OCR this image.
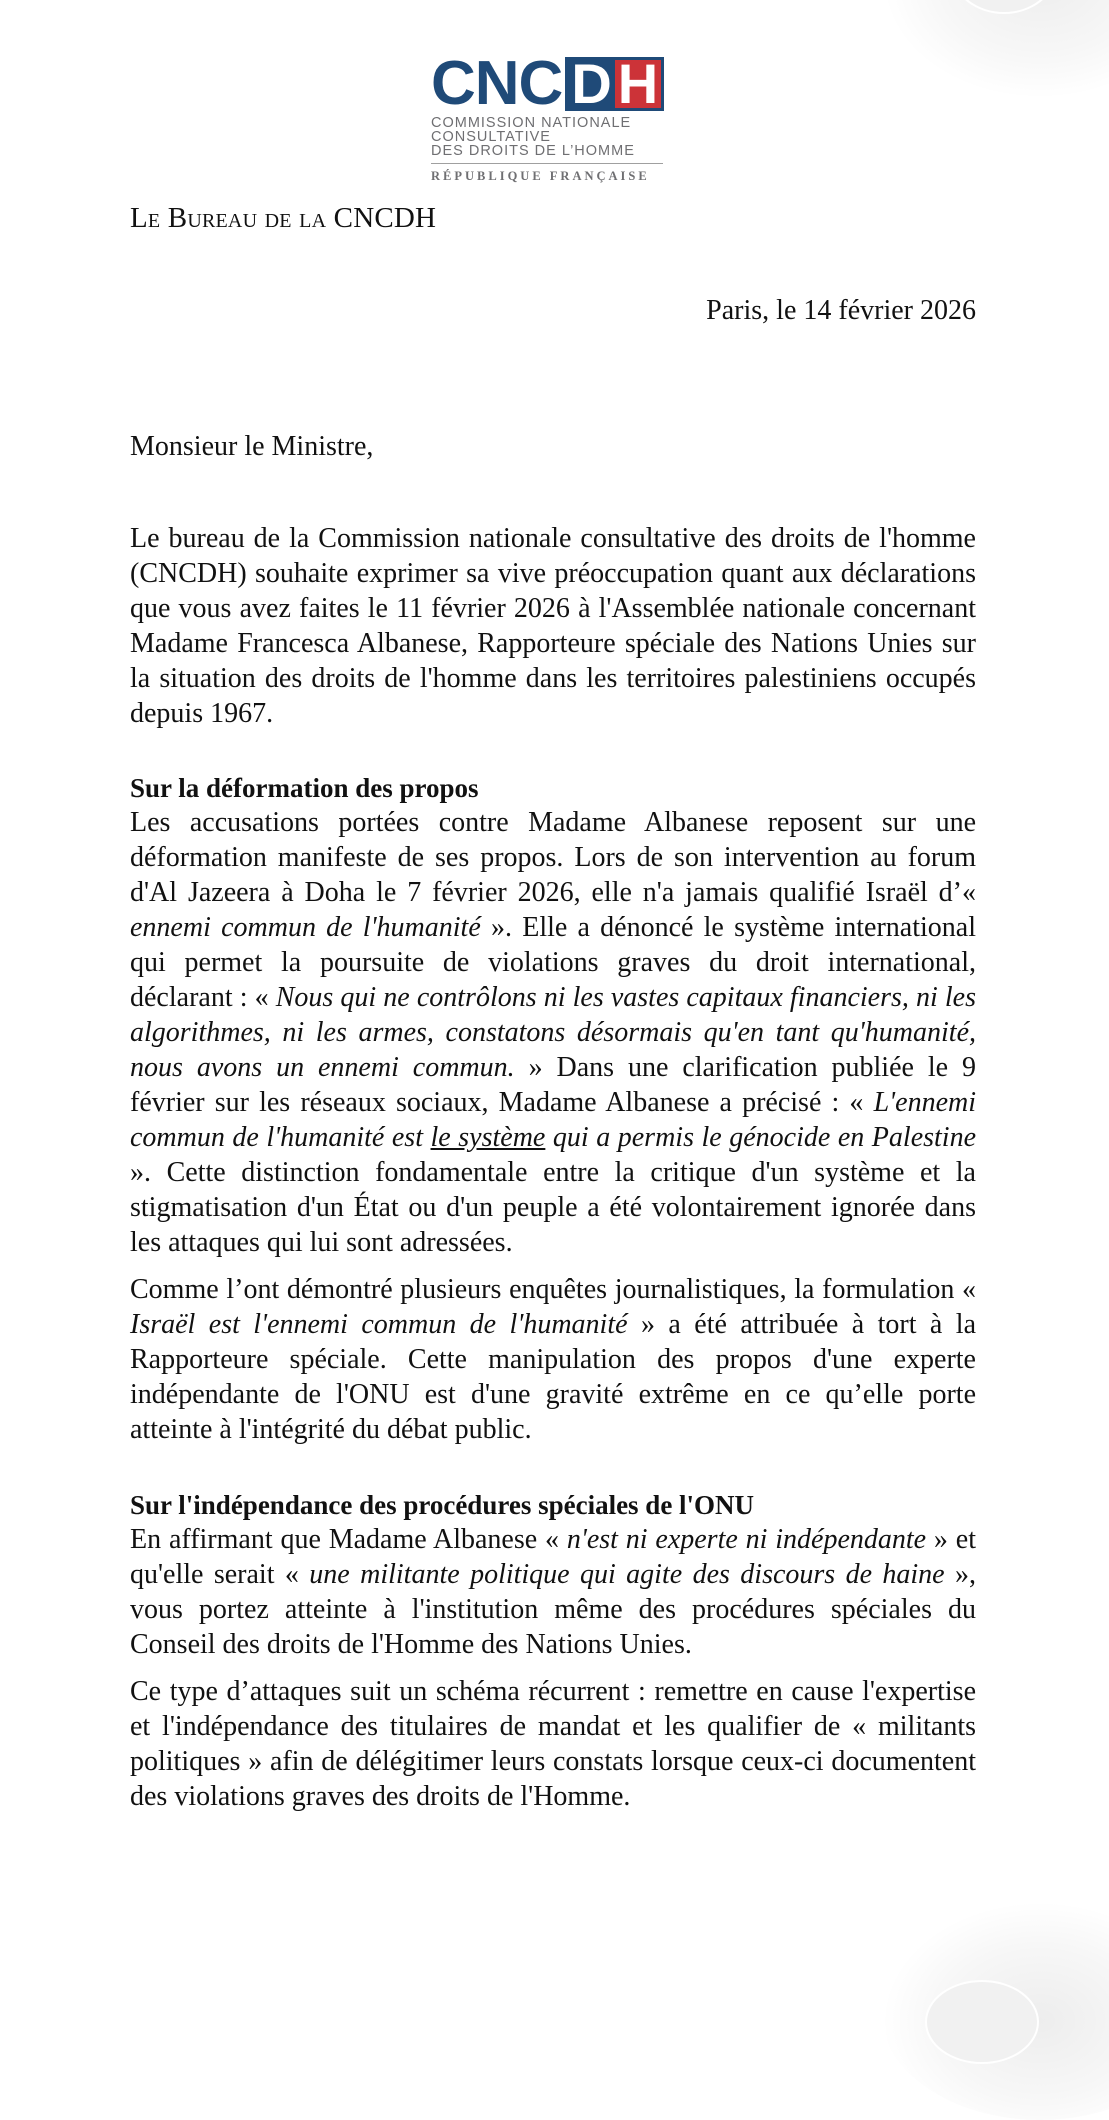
CNC D H
COMMISSION NATIONALE
CONSULTATIVE
DES DROITS DE L’HOMME
RÉPUBLIQUE FRANÇAISE
Le Bureau de la CNCDH
Paris, le 14 février 2026
Monsieur le Ministre,

Le bureau de la Commission nationale consultative des droits de l'homme (CNCDH) souhaite exprimer sa vive préoccupation quant aux déclarations que vous avez faites le 11 février 2026 à l'Assemblée nationale concernant Madame Francesca Albanese, Rapporteure spéciale des Nations Unies sur la situation des droits de l'homme dans les territoires palestiniens occupés depuis 1967.

Sur la déformation des propos

Les accusations portées contre Madame Albanese reposent sur une déformation manifeste de ses propos. Lors de son intervention au forum d'Al Jazeera à Doha le 7 février 2026, elle n'a jamais qualifié Israël d’« ennemi commun de l'humanité ». Elle a dénoncé le système international qui permet la poursuite de violations graves du droit international, déclarant : « Nous qui ne contrôlons ni les vastes capitaux financiers, ni les algorithmes, ni les armes, constatons désormais qu'en tant qu'humanité, nous avons un ennemi commun. » Dans une clarification publiée le 9 février sur les réseaux sociaux, Madame Albanese a précisé : « L'ennemi commun de l'humanité est le système qui a permis le génocide en Palestine ». Cette distinction fondamentale entre la critique d'un système et la stigmatisation d'un État ou d'un peuple a été volontairement ignorée dans les attaques qui lui sont adressées.

Comme l’ont démontré plusieurs enquêtes journalistiques, la formulation « Israël est l'ennemi commun de l'humanité » a été attribuée à tort à la Rapporteure spéciale. Cette manipulation des propos d'une experte indépendante de l'ONU est d'une gravité extrême en ce qu’elle porte atteinte à l'intégrité du débat public.

Sur l'indépendance des procédures spéciales de l'ONU

En affirmant que Madame Albanese « n'est ni experte ni indépendante » et qu'elle serait « une militante politique qui agite des discours de haine », vous portez atteinte à l'institution même des procédures spéciales du Conseil des droits de l'Homme des Nations Unies.

Ce type d’attaques suit un schéma récurrent : remettre en cause l'expertise et l'indépendance des titulaires de mandat et les qualifier de « militants politiques » afin de délégitimer leurs constats lorsque ceux-ci documentent des violations graves des droits de l'Homme.
